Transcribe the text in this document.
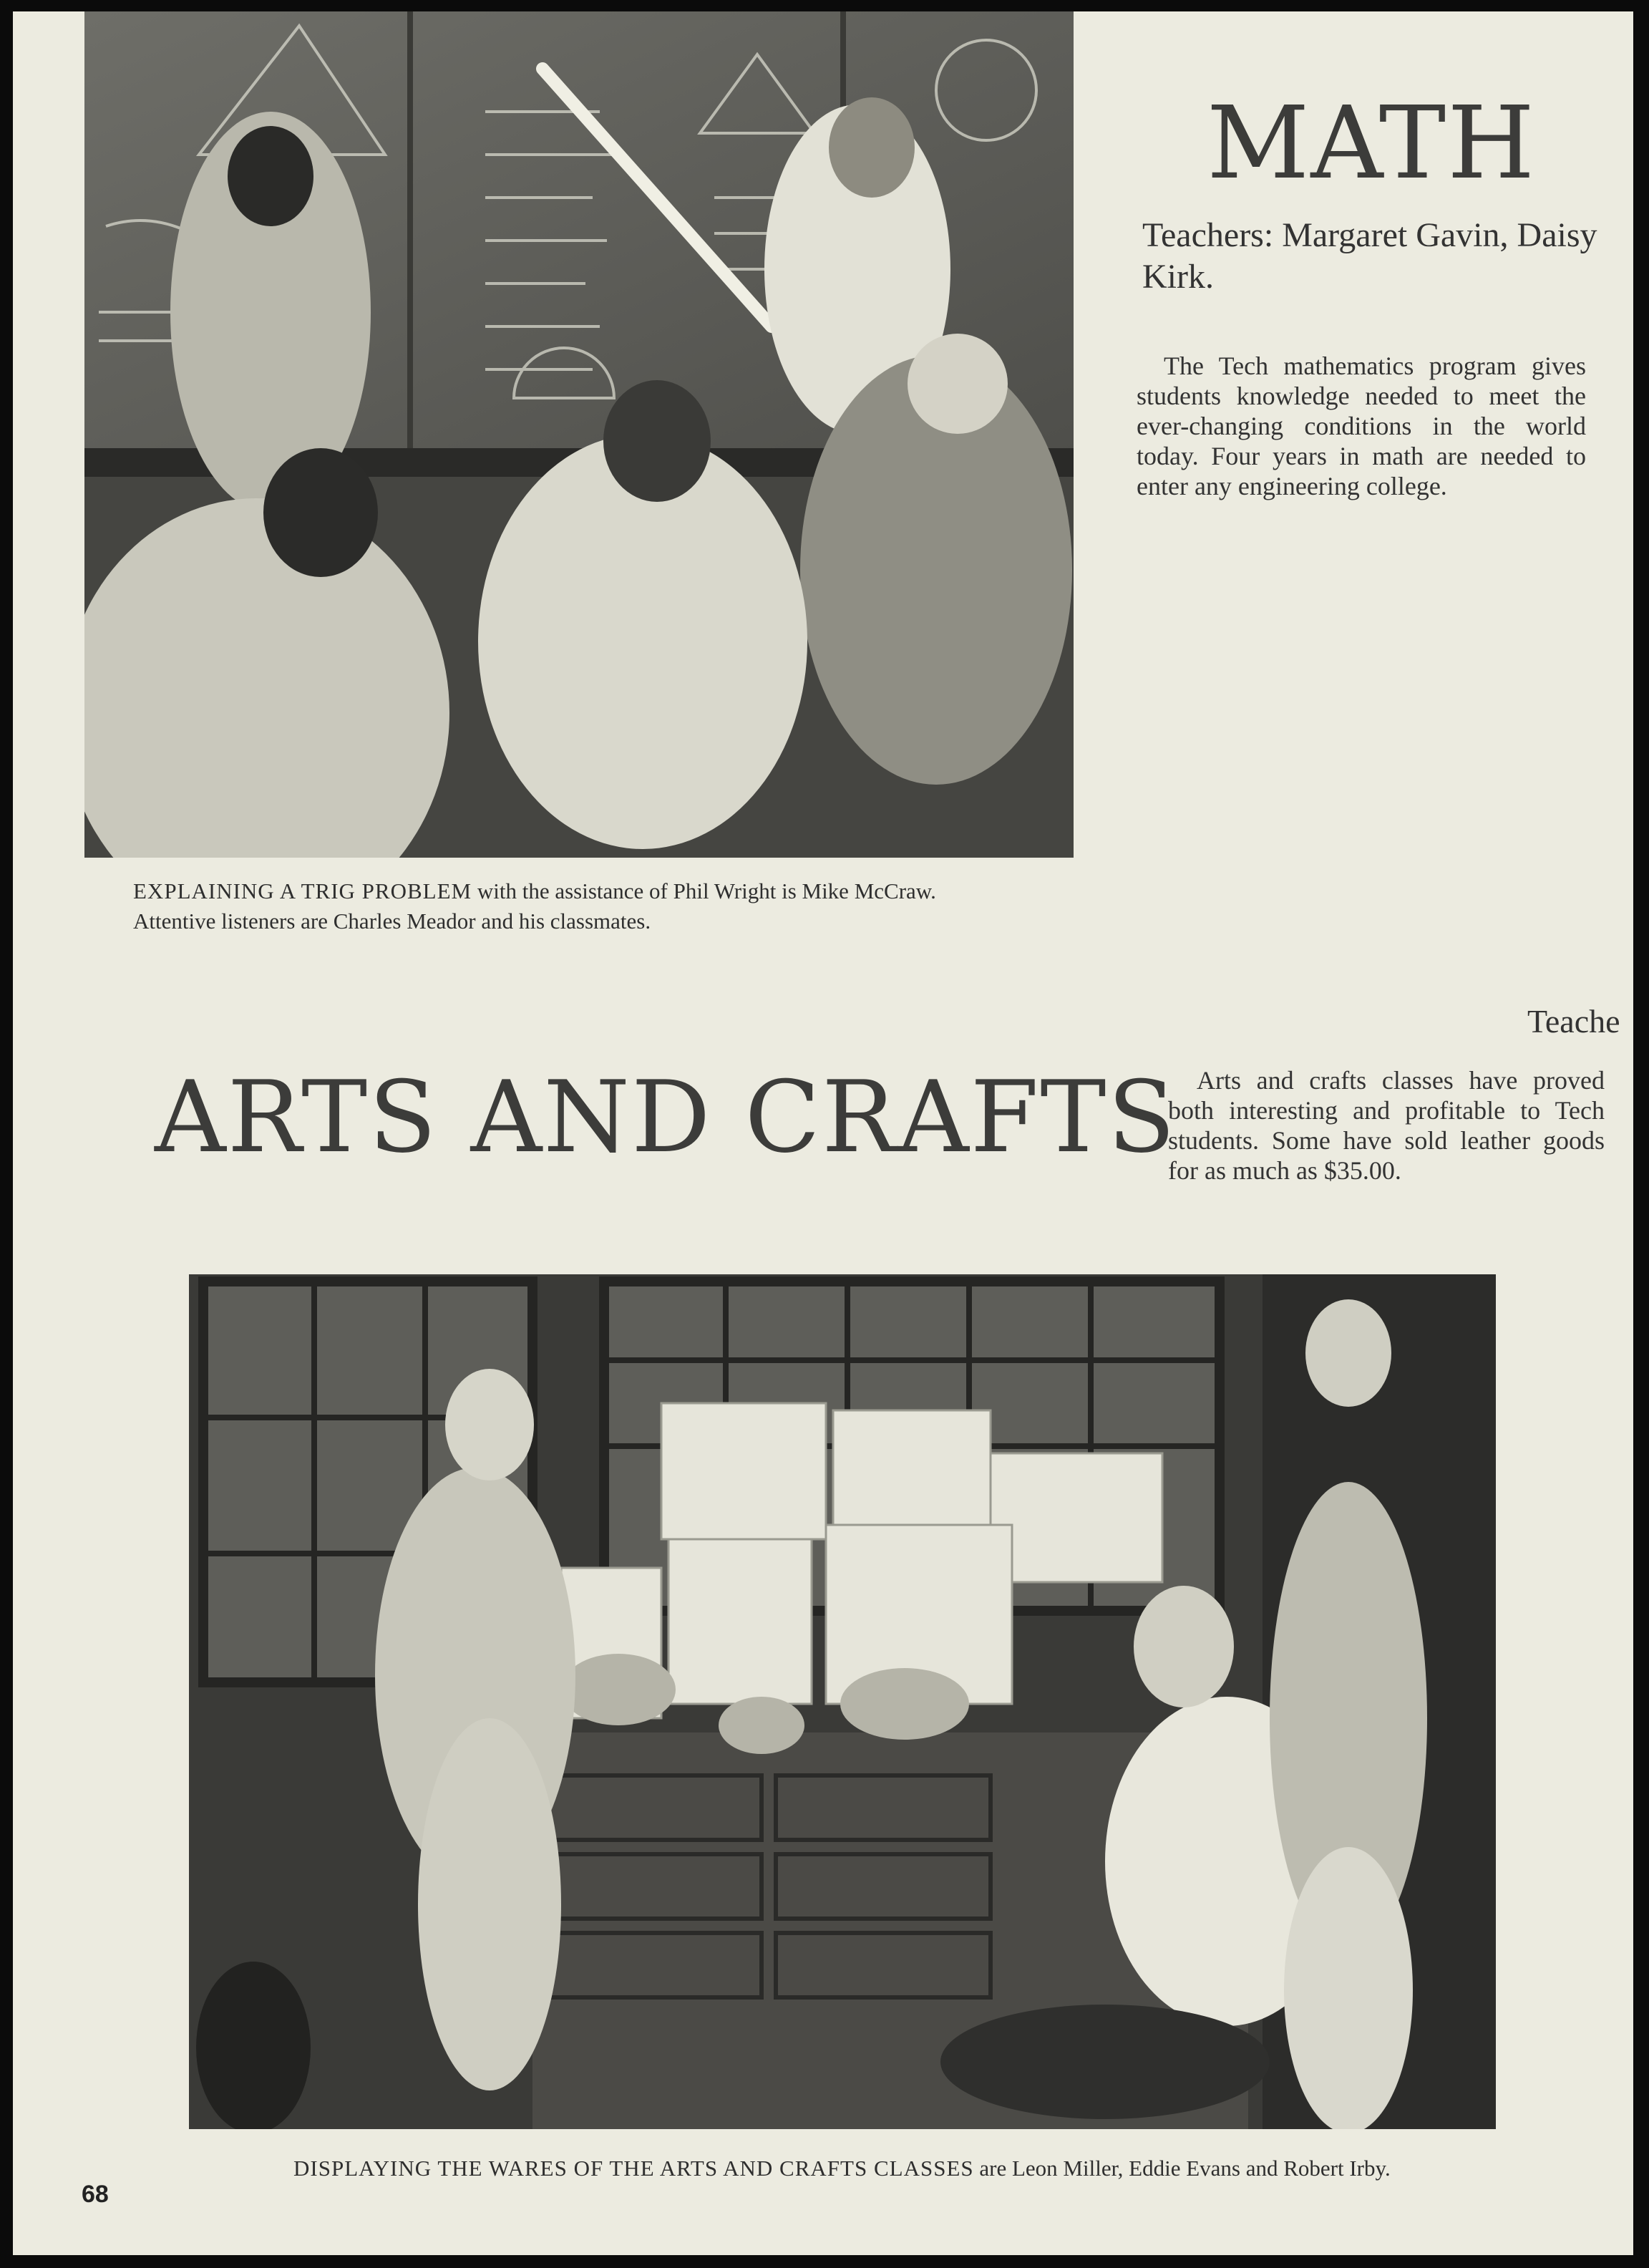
MATH

Teachers: Margaret Gavin, Daisy Kirk.

The Tech mathematics program gives students knowledge needed to meet the ever-changing conditions in the world today. Four years in math are needed to enter any engineering college.

EXPLAINING A TRIG PROBLEM with the assistance of Phil Wright is Mike McCraw. Attentive listeners are Charles Meador and his classmates.

Teache

ARTS AND CRAFTS Arts and crafts classes have proved both interesting and profitable to Tech students. Some have sold leather goods for as much as $35.00.

DISPLAYING THE WARES OF THE ARTS AND CRAFTS CLASSES are Leon Miller, Eddie Evans and Robert Irby.

68
